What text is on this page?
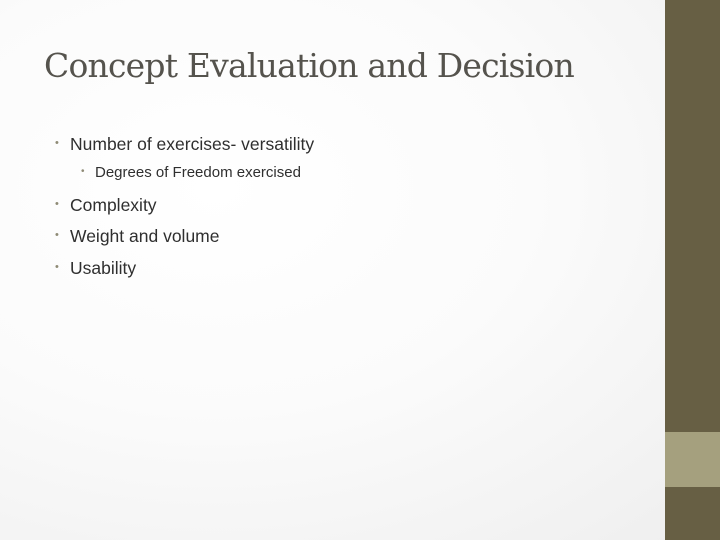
Concept Evaluation and Decision
• Number of exercises- versatility
• Degrees of Freedom exercised
• Complexity
• Weight and volume
• Usability
